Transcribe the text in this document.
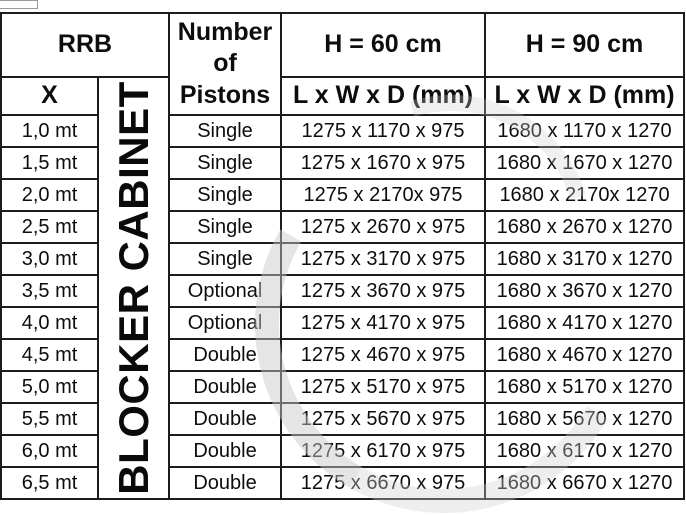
RRB		Number of Pistons	H = 60 cm	H = 90 cm
X	BLOCKER CABINET		L x W x D (mm)	L x W x D (mm)
1,0 mt		Single	1275 x 1170 x 975	1680 x 1170 x 1270
1,5 mt		Single	1275 x 1670 x 975	1680 x 1670 x 1270
2,0 mt		Single	1275 x 2170x 975	1680 x 2170x 1270
2,5 mt		Single	1275 x 2670 x 975	1680 x 2670 x 1270
3,0 mt		Single	1275 x 3170 x 975	1680 x 3170 x 1270
3,5 mt		Optional	1275 x 3670 x 975	1680 x 3670 x 1270
4,0 mt		Optional	1275 x 4170 x 975	1680 x 4170 x 1270
4,5 mt		Double	1275 x 4670 x 975	1680 x 4670 x 1270
5,0 mt		Double	1275 x 5170 x 975	1680 x 5170 x 1270
5,5 mt		Double	1275 x 5670 x 975	1680 x 5670 x 1270
6,0 mt		Double	1275 x 6170 x 975	1680 x 6170 x 1270
6,5 mt		Double	1275 x 6670 x 975	1680 x 6670 x 1270
